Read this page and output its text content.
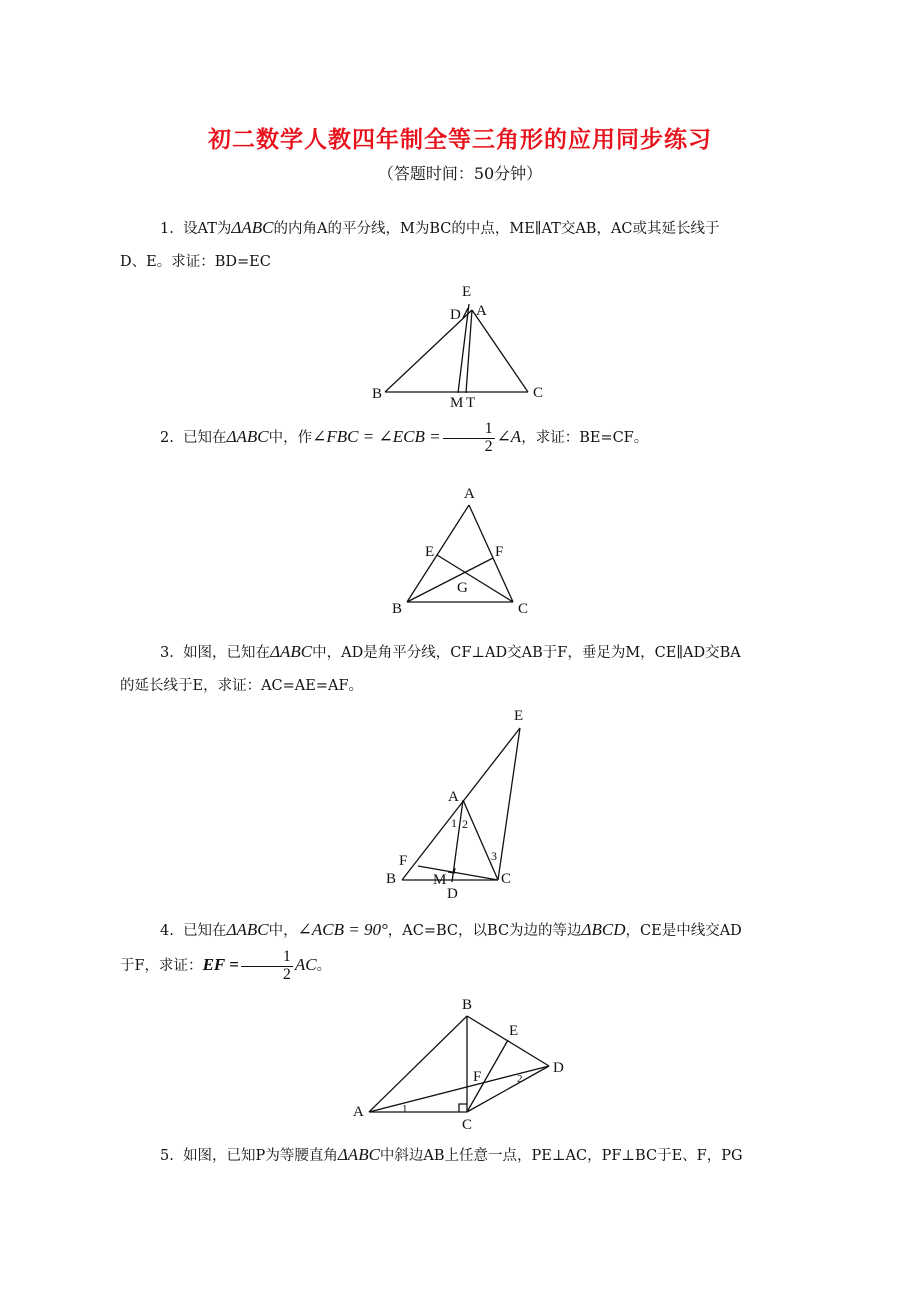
初二数学人教四年制全等三角形的应用同步练习
（答题时间：50分钟）
1. 设AT为ΔABC的内角A的平分线，M为BC的中点，ME∥AT交AB，AC或其延长线于
D、E。求证：BD=EC
E
D A
B	C
M T
2. 已知在ΔABC中，作∠FBC = ∠ECB = $\frac{1}{2}$ ∠A，求证：BE=CF。
A
E	F
G
B	C
3. 如图，已知在ΔABC中，AD是角平分线，CF⊥AD交AB于F，垂足为M，CE∥AD交BA
的延长线于E，求证：AC=AE=AF。
E
A
1 2
3
F
B M
D
C
4. 已知在ΔABC中，∠ACB = 90°，AC=BC，以BC为边的等边ΔBCD，CE是中线交AD
于F，求证：EF = $\frac{1}{2}$ AC。
B
E
D
F
A
C
1
2
5. 如图，已知P为等腰直角ΔABC中斜边AB上任意一点，PE⊥AC，PF⊥BC于E、F，PG
